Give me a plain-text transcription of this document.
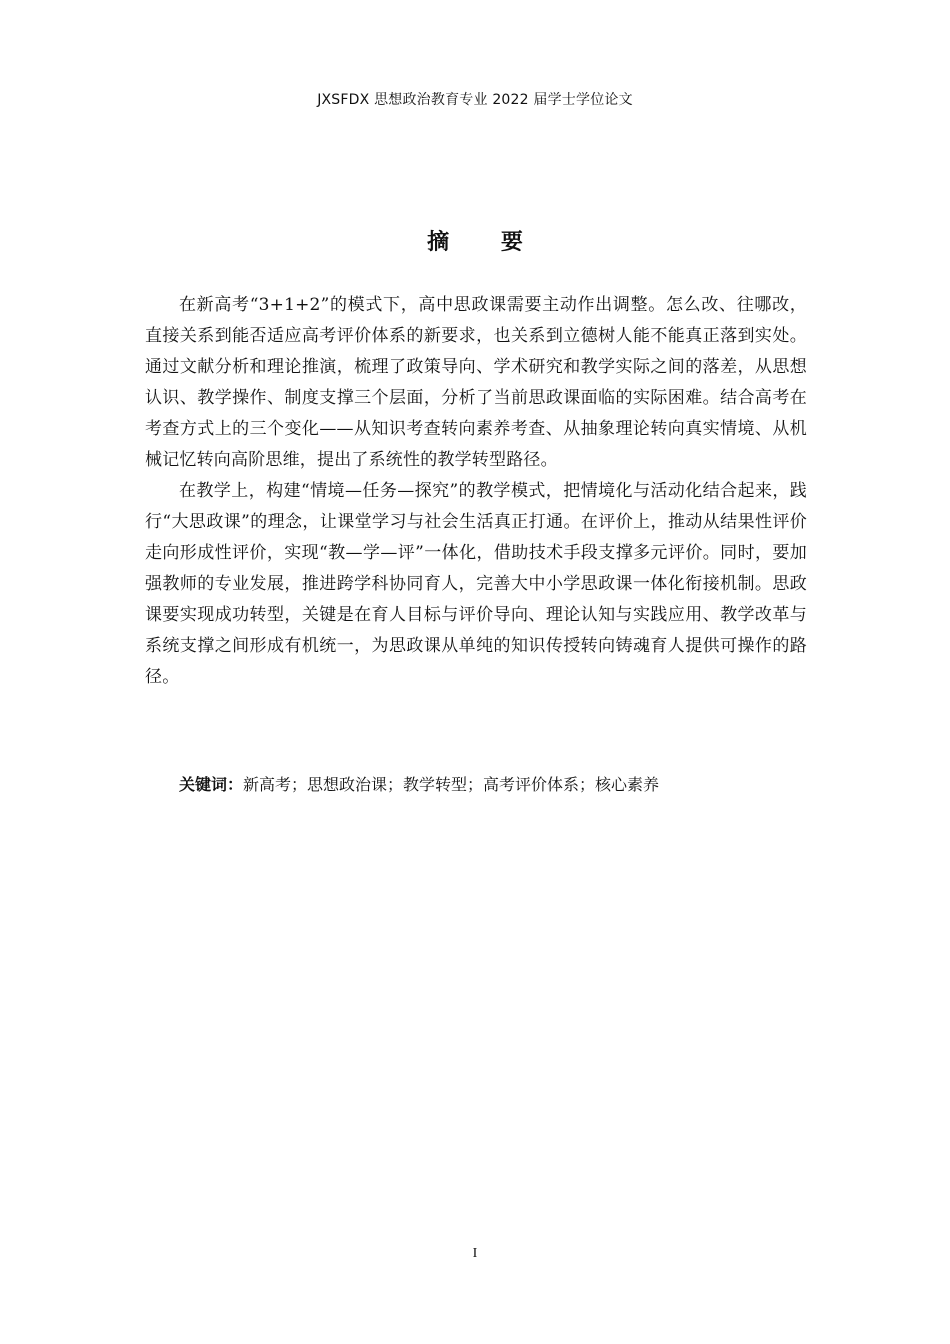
JXSFDX 思想政治教育专业 2022 届学士学位论文
摘 要

在新高考“3+1+2”的模式下，高中思政课需要主动作出调整。怎么改、往哪改，直接关系到能否适应高考评价体系的新要求，也关系到立德树人能不能真正落到实处。通过文献分析和理论推演，梳理了政策导向、学术研究和教学实际之间的落差，从思想认识、教学操作、制度支撑三个层面，分析了当前思政课面临的实际困难。结合高考在考查方式上的三个变化——从知识考查转向素养考查、从抽象理论转向真实情境、从机械记忆转向高阶思维，提出了系统性的教学转型路径。

在教学上，构建“情境—任务—探究”的教学模式，把情境化与活动化结合起来，践行“大思政课”的理念，让课堂学习与社会生活真正打通。在评价上，推动从结果性评价走向形成性评价，实现“教—学—评”一体化，借助技术手段支撑多元评价。同时，要加强教师的专业发展，推进跨学科协同育人，完善大中小学思政课一体化衔接机制。思政课要实现成功转型，关键是在育人目标与评价导向、理论认知与实践应用、教学改革与系统支撑之间形成有机统一，为思政课从单纯的知识传授转向铸魂育人提供可操作的路径。

关键词：新高考；思想政治课；教学转型；高考评价体系；核心素养
I
